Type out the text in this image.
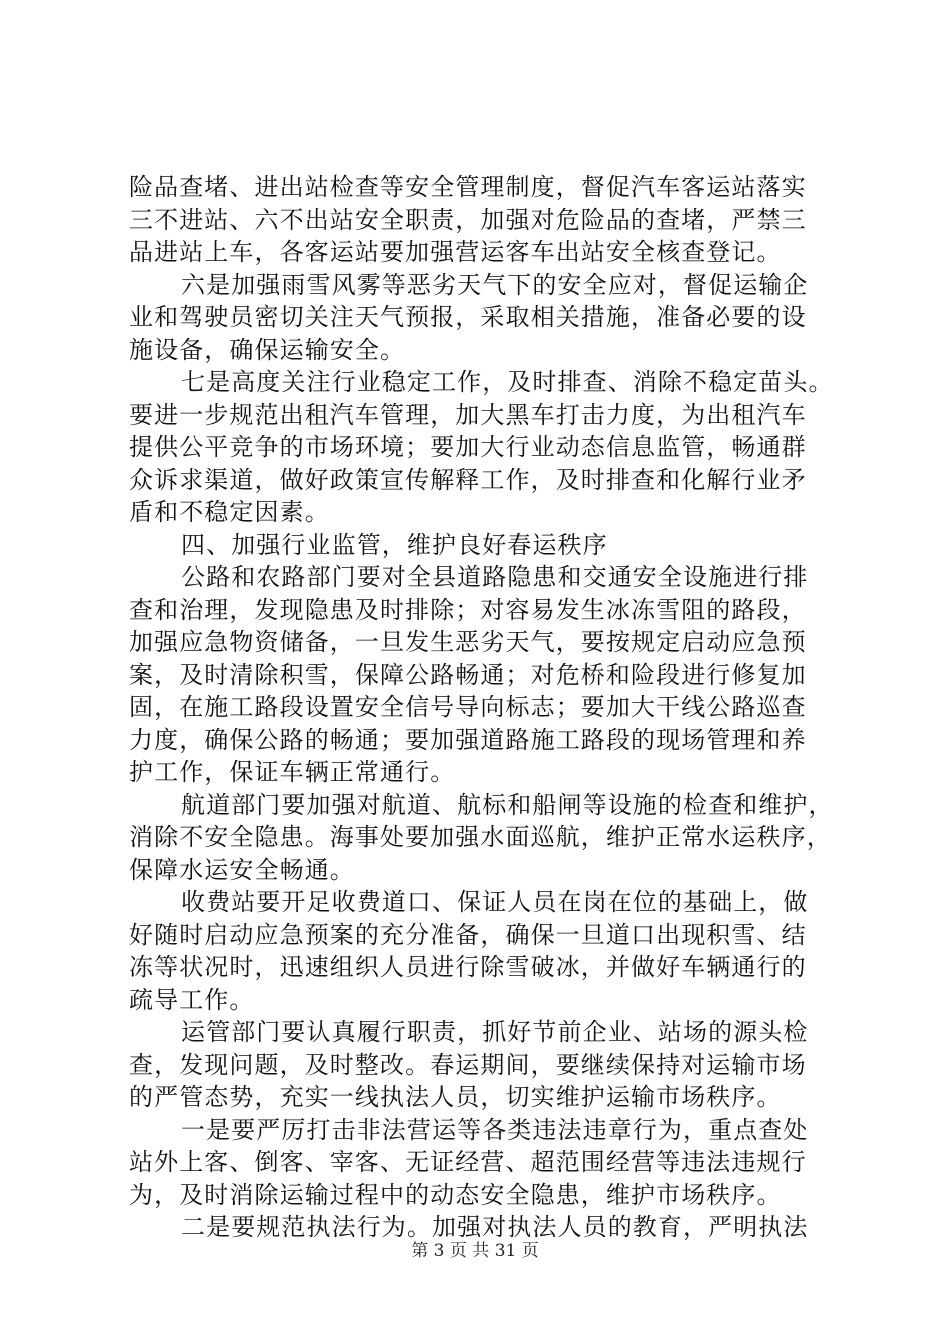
险品查堵、进出站检查等安全管理制度，督促汽车客运站落实
三不进站、六不出站安全职责，加强对危险品的查堵，严禁三
品进站上车，各客运站要加强营运客车出站安全核查登记。
六是加强雨雪风雾等恶劣天气下的安全应对，督促运输企
业和驾驶员密切关注天气预报，采取相关措施，准备必要的设
施设备，确保运输安全。
七是高度关注行业稳定工作，及时排查、消除不稳定苗头。
要进一步规范出租汽车管理，加大黑车打击力度，为出租汽车
提供公平竞争的市场环境；要加大行业动态信息监管，畅通群
众诉求渠道，做好政策宣传解释工作，及时排查和化解行业矛
盾和不稳定因素。
四、加强行业监管，维护良好春运秩序
公路和农路部门要对全县道路隐患和交通安全设施进行排
查和治理，发现隐患及时排除；对容易发生冰冻雪阻的路段，
加强应急物资储备，一旦发生恶劣天气，要按规定启动应急预
案，及时清除积雪，保障公路畅通；对危桥和险段进行修复加
固，在施工路段设置安全信号导向标志；要加大干线公路巡查
力度，确保公路的畅通；要加强道路施工路段的现场管理和养
护工作，保证车辆正常通行。
航道部门要加强对航道、航标和船闸等设施的检查和维护，
消除不安全隐患。海事处要加强水面巡航，维护正常水运秩序，
保障水运安全畅通。
收费站要开足收费道口、保证人员在岗在位的基础上，做
好随时启动应急预案的充分准备，确保一旦道口出现积雪、结
冻等状况时，迅速组织人员进行除雪破冰，并做好车辆通行的
疏导工作。
运管部门要认真履行职责，抓好节前企业、站场的源头检
查，发现问题，及时整改。春运期间，要继续保持对运输市场
的严管态势，充实一线执法人员，切实维护运输市场秩序。
一是要严厉打击非法营运等各类违法违章行为，重点查处
站外上客、倒客、宰客、无证经营、超范围经营等违法违规行
为，及时消除运输过程中的动态安全隐患，维护市场秩序。
二是要规范执法行为。加强对执法人员的教育，严明执法
第 3 页 共 31 页
